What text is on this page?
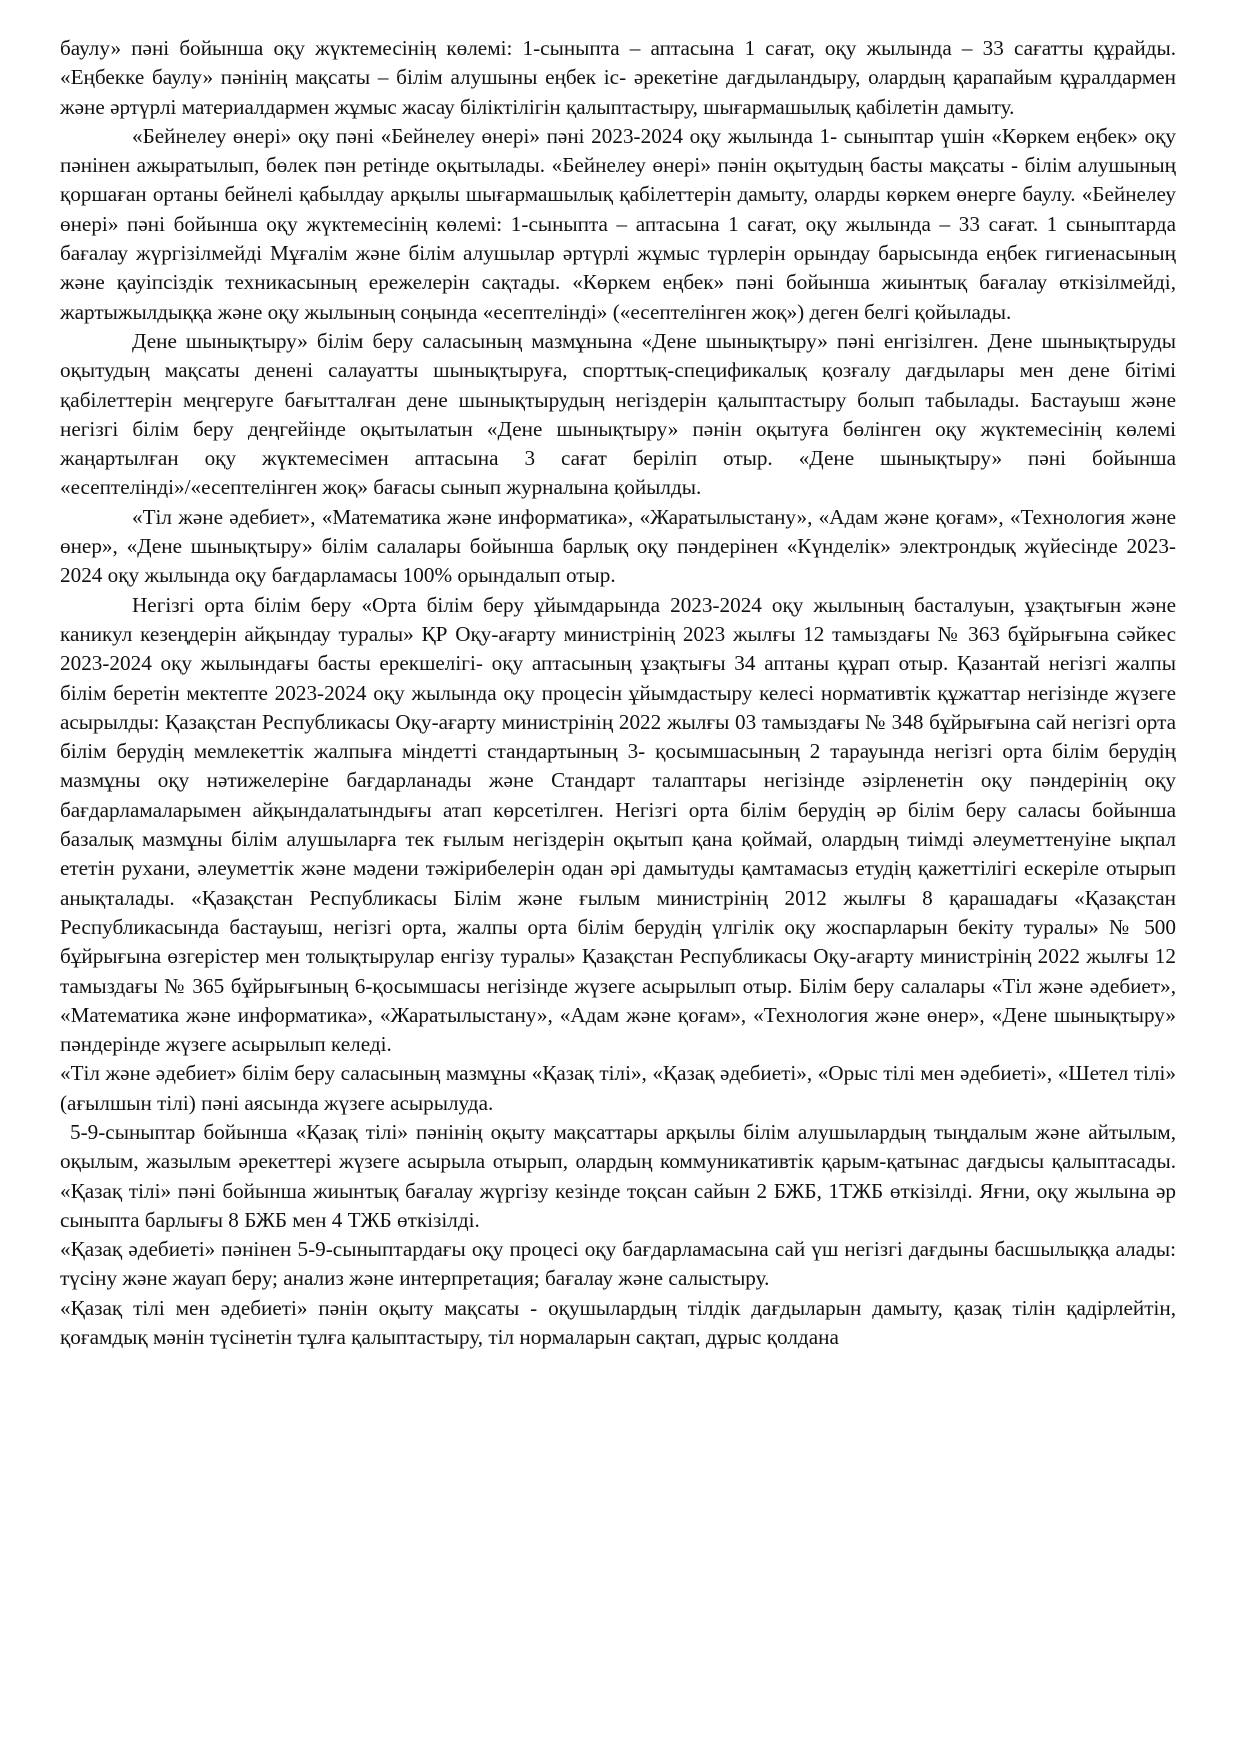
баулу» пәні бойынша оқу жүктемесінің көлемі: 1-сыныпта – аптасына 1 сағат, оқу жылында – 33 сағатты құрайды. «Еңбекке баулу» пәнінің мақсаты – білім алушыны еңбек іс- әрекетіне дағдыландыру, олардың қарапайым құралдармен және әртүрлі материалдармен жұмыс жасау біліктілігін қалыптастыру, шығармашылық қабілетін дамыту.

«Бейнелеу өнері» оқу пәні «Бейнелеу өнері» пәні 2023-2024 оқу жылында 1- сыныптар үшін «Көркем еңбек» оқу пәнінен ажыратылып, бөлек пән ретінде оқытылады. «Бейнелеу өнері» пәнін оқытудың басты мақсаты - білім алушының қоршаған ортаны бейнелі қабылдау арқылы шығармашылық қабілеттерін дамыту, оларды көркем өнерге баулу. «Бейнелеу өнері» пәні бойынша оқу жүктемесінің көлемі: 1-сыныпта – аптасына 1 сағат, оқу жылында – 33 сағат. 1 сыныптарда бағалау жүргізілмейді Мұғалім және білім алушылар әртүрлі жұмыс түрлерін орындау барысында еңбек гигиенасының және қауіпсіздік техникасының ережелерін сақтады. «Көркем еңбек» пәні бойынша жиынтық бағалау өткізілмейді, жартыжылдыққа және оқу жылының соңында «есептелінді» («есептелінген жоқ») деген белгі қойылады.

Дене шынықтыру» білім беру саласының мазмұнына «Дене шынықтыру» пәні енгізілген. Дене шынықтыруды оқытудың мақсаты денені салауатты шынықтыруға, спорттық-спецификалық қозғалу дағдылары мен дене бітімі қабілеттерін меңгеруге бағытталған дене шынықтырудың негіздерін қалыптастыру болып табылады. Бастауыш және негізгі білім беру деңгейінде оқытылатын «Дене шынықтыру» пәнін оқытуға бөлінген оқу жүктемесінің көлемі жаңартылған оқу жүктемесімен аптасына 3 сағат беріліп отыр. «Дене шынықтыру» пәні бойынша «есептелінді»/«есептелінген жоқ» бағасы сынып журналына қойылды.

«Тіл және әдебиет», «Математика және информатика», «Жаратылыстану», «Адам және қоғам», «Технология және өнер», «Дене шынықтыру» білім салалары бойынша барлық оқу пәндерінен «Күнделік» электрондық жүйесінде 2023-2024 оқу жылында оқу бағдарламасы 100% орындалып отыр.

Негізгі орта білім беру «Орта білім беру ұйымдарында 2023-2024 оқу жылының басталуын, ұзақтығын және каникул кезеңдерін айқындау туралы» ҚР Оқу-ағарту министрінің 2023 жылғы 12 тамыздағы № 363 бұйрығына сәйкес 2023-2024 оқу жылындағы басты ерекшелігі- оқу аптасының ұзақтығы 34 аптаны құрап отыр. Қазантай негізгі жалпы білім беретін мектепте 2023-2024 оқу жылында оқу процесін ұйымдастыру келесі нормативтік құжаттар негізінде жүзеге асырылды: Қазақстан Республикасы Оқу-ағарту министрінің 2022 жылғы 03 тамыздағы № 348 бұйрығына сай негізгі орта білім берудің мемлекеттік жалпыға міндетті стандартының 3- қосымшасының 2 тарауында негізгі орта білім берудің мазмұны оқу нәтижелеріне бағдарланады және Стандарт талаптары негізінде әзірленетін оқу пәндерінің оқу бағдарламаларымен айқындалатындығы атап көрсетілген. Негізгі орта білім берудің әр білім беру саласы бойынша базалық мазмұны білім алушыларға тек ғылым негіздерін оқытып қана қоймай, олардың тиімді әлеуметтенуіне ықпал ететін рухани, әлеуметтік және мәдени тәжірибелерін одан әрі дамытуды қамтамасыз етудің қажеттілігі ескеріле отырып анықталады. «Қазақстан Республикасы Білім және ғылым министрінің 2012 жылғы 8 қарашадағы «Қазақстан Республикасында бастауыш, негізгі орта, жалпы орта білім берудің үлгілік оқу жоспарларын бекіту туралы» № 500 бұйрығына өзгерістер мен толықтырулар енгізу туралы» Қазақстан Республикасы Оқу-ағарту министрінің 2022 жылғы 12 тамыздағы № 365 бұйрығының 6-қосымшасы негізінде жүзеге асырылып отыр. Білім беру салалары «Тіл және әдебиет», «Математика және информатика», «Жаратылыстану», «Адам және қоғам», «Технология және өнер», «Дене шынықтыру» пәндерінде жүзеге асырылып келеді.

«Тіл және әдебиет» білім беру саласының мазмұны «Қазақ тілі», «Қазақ әдебиеті», «Орыс тілі мен әдебиеті», «Шетел тілі» (ағылшын тілі) пәні аясында жүзеге асырылуда.

5-9-сыныптар бойынша «Қазақ тілі» пәнінің оқыту мақсаттары арқылы білім алушылардың тыңдалым және айтылым, оқылым, жазылым әрекеттері жүзеге асырыла отырып, олардың коммуникативтік қарым-қатынас дағдысы қалыптасады. «Қазақ тілі» пәні бойынша жиынтық бағалау жүргізу кезінде тоқсан сайын 2 БЖБ, 1ТЖБ өткізілді. Яғни, оқу жылына әр сыныпта барлығы 8 БЖБ мен 4 ТЖБ өткізілді.

«Қазақ әдебиеті» пәнінен 5-9-сыныптардағы оқу процесі оқу бағдарламасына сай үш негізгі дағдыны басшылыққа алады: түсіну және жауап беру; анализ және интерпретация; бағалау және салыстыру.

«Қазақ тілі мен әдебиеті» пәнін оқыту мақсаты - оқушылардың тілдік дағдыларын дамыту, қазақ тілін қадірлейтін, қоғамдық мәнін түсінетін тұлға қалыптастыру, тіл нормаларын сақтап, дұрыс қолдана
